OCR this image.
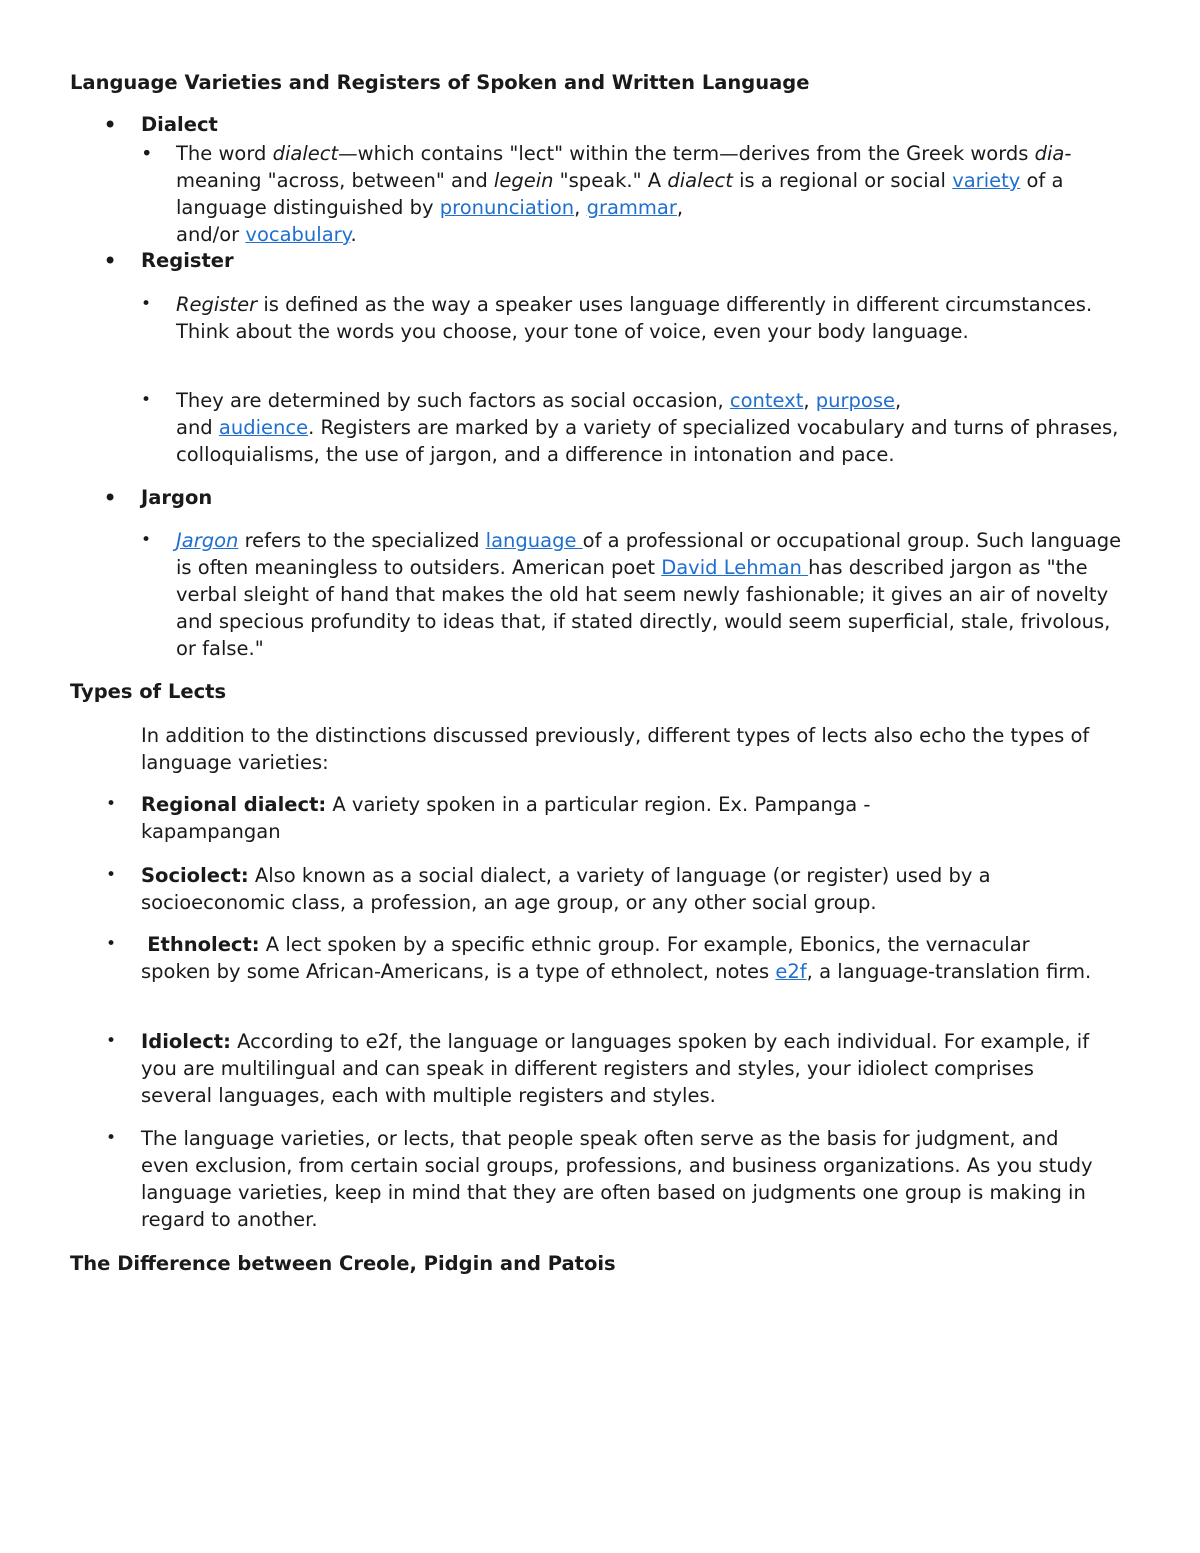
Language Varieties and Registers of Spoken and Written Language

• Dialect

• The word dialect—which contains "lect" within the term—derives from the Greek words dia- meaning "across, between" and legein "speak." A dialect is a regional or social variety of a language distinguished by pronunciation, grammar,
and/or vocabulary.

• Register

• Register is defined as the way a speaker uses language differently in different circumstances. Think about the words you choose, your tone of voice, even your body language.

• They are determined by such factors as social occasion, context, purpose,
and audience. Registers are marked by a variety of specialized vocabulary and turns of phrases, colloquialisms, the use of jargon, and a difference in intonation and pace.

• Jargon

• Jargon refers to the specialized language of a professional or occupational group. Such language is often meaningless to outsiders. American poet David Lehman has described jargon as "the verbal sleight of hand that makes the old hat seem newly fashionable; it gives an air of novelty and specious profundity to ideas that, if stated directly, would seem superficial, stale, frivolous, or false."

Types of Lects

In addition to the distinctions discussed previously, different types of lects also echo the types of language varieties:

• Regional dialect: A variety spoken in a particular region. Ex. Pampanga - kapampangan

• Sociolect: Also known as a social dialect, a variety of language (or register) used by a socioeconomic class, a profession, an age group, or any other social group.

•	Ethnolect: A lect spoken by a specific ethnic group. For example, Ebonics, the vernacular spoken by some African-Americans, is a type of ethnolect, notes e2f, a language-translation firm.

• Idiolect: According to e2f, the language or languages spoken by each individual. For example, if you are multilingual and can speak in different registers and styles, your idiolect comprises several languages, each with multiple registers and styles.

• The language varieties, or lects, that people speak often serve as the basis for judgment, and even exclusion, from certain social groups, professions, and business organizations. As you study language varieties, keep in mind that they are often based on judgments one group is making in regard to another.

The Difference between Creole, Pidgin and Patois
